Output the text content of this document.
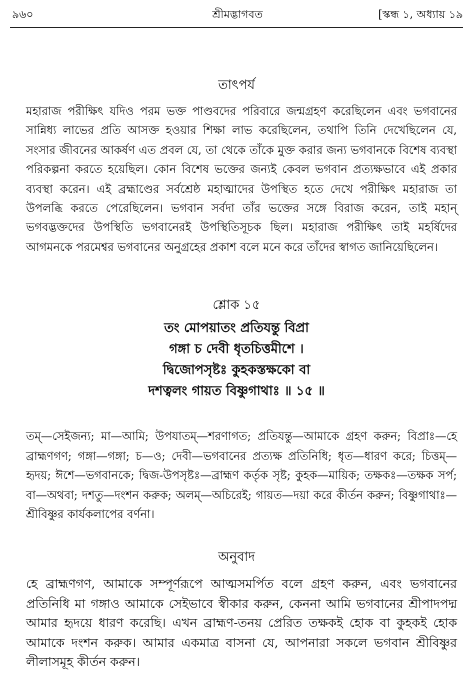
৯৬০	শ্রীমদ্ভাগবত	[স্কন্ধ ১, অধ্যায় ১৯
তাৎপর্য

মহারাজ পরীক্ষিৎ যদিও পরম ভক্ত পাণ্ডবদের পরিবারে জন্মগ্রহণ করেছিলেন এবং ভগবানের সান্নিধ্য লাভের প্রতি আসক্ত হওয়ার শিক্ষা লাভ করেছিলেন, তথাপি তিনি দেখেছিলেন যে, সংসার জীবনের আকর্ষণ এত প্রবল যে, তা থেকে তাঁকে মুক্ত করার জন্য ভগবানকে বিশেষ ব্যবস্থা পরিকল্পনা করতে হয়েছিল। কোন বিশেষ ভক্তের জন্যই কেবল ভগবান প্রত্যক্ষভাবে এই প্রকার ব্যবস্থা করেন। এই ব্রহ্মাণ্ডের সর্বশ্রেষ্ঠ মহাত্মাদের উপস্থিত হতে দেখে পরীক্ষিৎ মহারাজ তা উপলব্ধি করতে পেরেছিলেন। ভগবান সর্বদা তাঁর ভক্তের সঙ্গে বিরাজ করেন, তাই মহান্ ভগবদ্ভক্তদের উপস্থিতি ভগবানেরই উপস্থিতিসূচক ছিল। মহারাজ পরীক্ষিৎ তাই মহর্ষিদের আগমনকে পরমেশ্বর ভগবানের অনুগ্রহের প্রকাশ বলে মনে করে তাঁদের স্বাগত জানিয়েছিলেন।

শ্লোক ১৫
তং মোপয়াতং প্রতিযন্তু বিপ্রা
গঙ্গা চ দেবী ধৃতচিত্তমীশে ।
দ্বিজোপসৃষ্টঃ কুহকস্তক্ষকো বা
দশত্বলং গায়ত বিষ্ণুগাথাঃ ॥ ১৫ ॥

তম্—সেইজন্য; মা—আমি; উপযাতম্—শরণাগত; প্রতিযন্তু—আমাকে গ্রহণ করুন; বিপ্রাঃ—হে ব্রাহ্মণগণ; গঙ্গা—গঙ্গা; চ—ও; দেবী—ভগবানের প্রত্যক্ষ প্রতিনিধি; ধৃত—ধারণ করে; চিত্তম্—হৃদয়; ঈশে—ভগবানকে; দ্বিজ-উপসৃষ্টঃ—ব্রাহ্মণ কর্তৃক সৃষ্ট; কুহক—মায়িক; তক্ষকঃ—তক্ষক সর্প; বা—অথবা; দশতু—দংশন করুক; অলম্—অচিরেই; গায়ত—দয়া করে কীর্তন করুন; বিষ্ণুগাথাঃ—শ্রীবিষ্ণুর কার্যকলাপের বর্ণনা।

অনুবাদ

হে ব্রাহ্মণগণ, আমাকে সম্পূর্ণরূপে আত্মসমর্পিত বলে গ্রহণ করুন, এবং ভগবানের প্রতিনিধি মা গঙ্গাও আমাকে সেইভাবে স্বীকার করুন, কেননা আমি ভগবানের শ্রীপাদপদ্ম আমার হৃদয়ে ধারণ করেছি। এখন ব্রাহ্মণ-তনয় প্রেরিত তক্ষকই হোক বা কুহকই হোক আমাকে দংশন করুক। আমার একমাত্র বাসনা যে, আপনারা সকলে ভগবান শ্রীবিষ্ণুর লীলাসমূহ কীর্তন করুন।
